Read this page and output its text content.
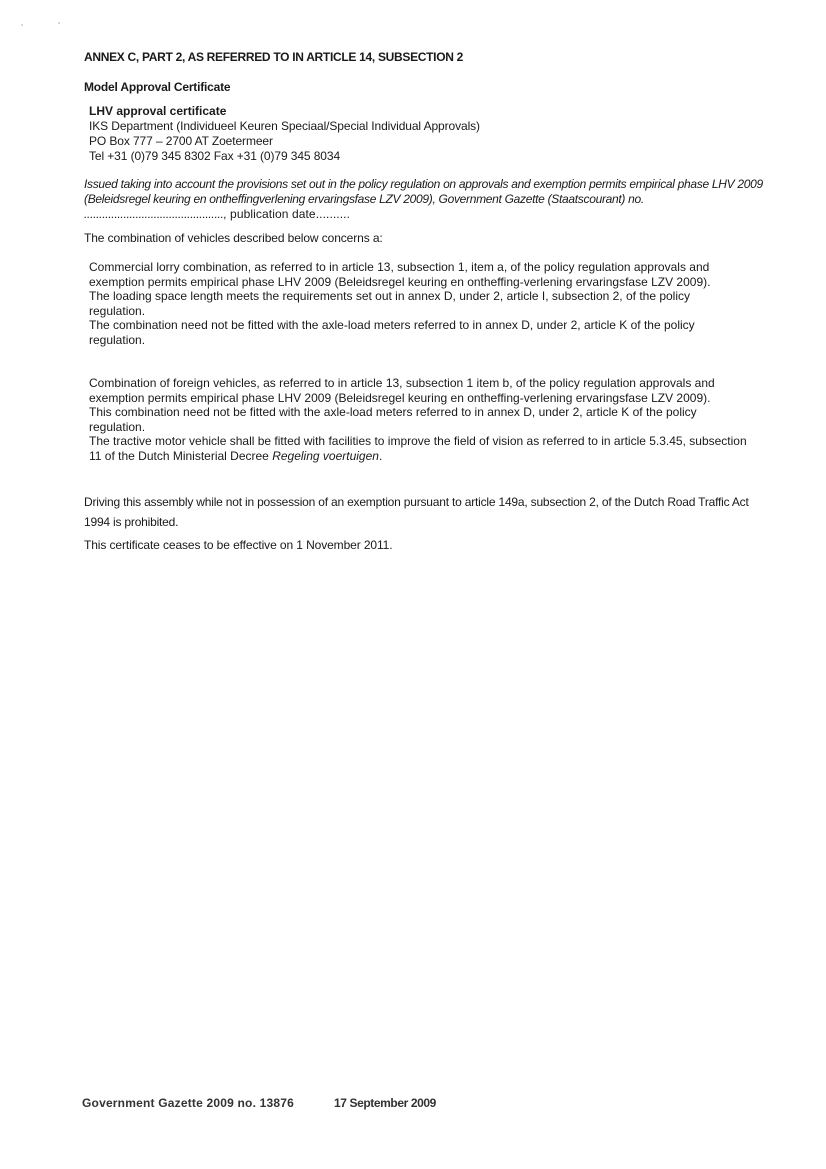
ANNEX C, PART 2, AS REFERRED TO IN ARTICLE 14, SUBSECTION 2
Model Approval Certificate
LHV approval certificate
IKS Department (Individueel Keuren Speciaal/Special Individual Approvals)
PO Box 777 – 2700 AT Zoetermeer
Tel +31 (0)79 345 8302 Fax +31 (0)79 345 8034
Issued taking into account the provisions set out in the policy regulation on approvals and exemption permits empirical phase LHV 2009 (Beleidsregel keuring en ontheffingverlening ervaringsfase LZV 2009), Government Gazette (Staatscourant) no. .............................................., publication date..........
The combination of vehicles described below concerns a:
Commercial lorry combination, as referred to in article 13, subsection 1, item a, of the policy regulation approvals and exemption permits empirical phase LHV 2009 (Beleidsregel keuring en ontheffing-verlening ervaringsfase LZV 2009).
The loading space length meets the requirements set out in annex D, under 2, article I, subsection 2, of the policy regulation.
The combination need not be fitted with the axle-load meters referred to in annex D, under 2, article K of the policy regulation.
Combination of foreign vehicles, as referred to in article 13, subsection 1 item b, of the policy regulation approvals and exemption permits empirical phase LHV 2009 (Beleidsregel keuring en ontheffing-verlening ervaringsfase LZV 2009).
This combination need not be fitted with the axle-load meters referred to in annex D, under 2, article K of the policy regulation.
The tractive motor vehicle shall be fitted with facilities to improve the field of vision as referred to in article 5.3.45, subsection 11 of the Dutch Ministerial Decree Regeling voertuigen.
Driving this assembly while not in possession of an exemption pursuant to article 149a, subsection 2, of the Dutch Road Traffic Act 1994 is prohibited.
This certificate ceases to be effective on 1 November 2011.
Government Gazette 2009 no. 13876	17 September 2009
